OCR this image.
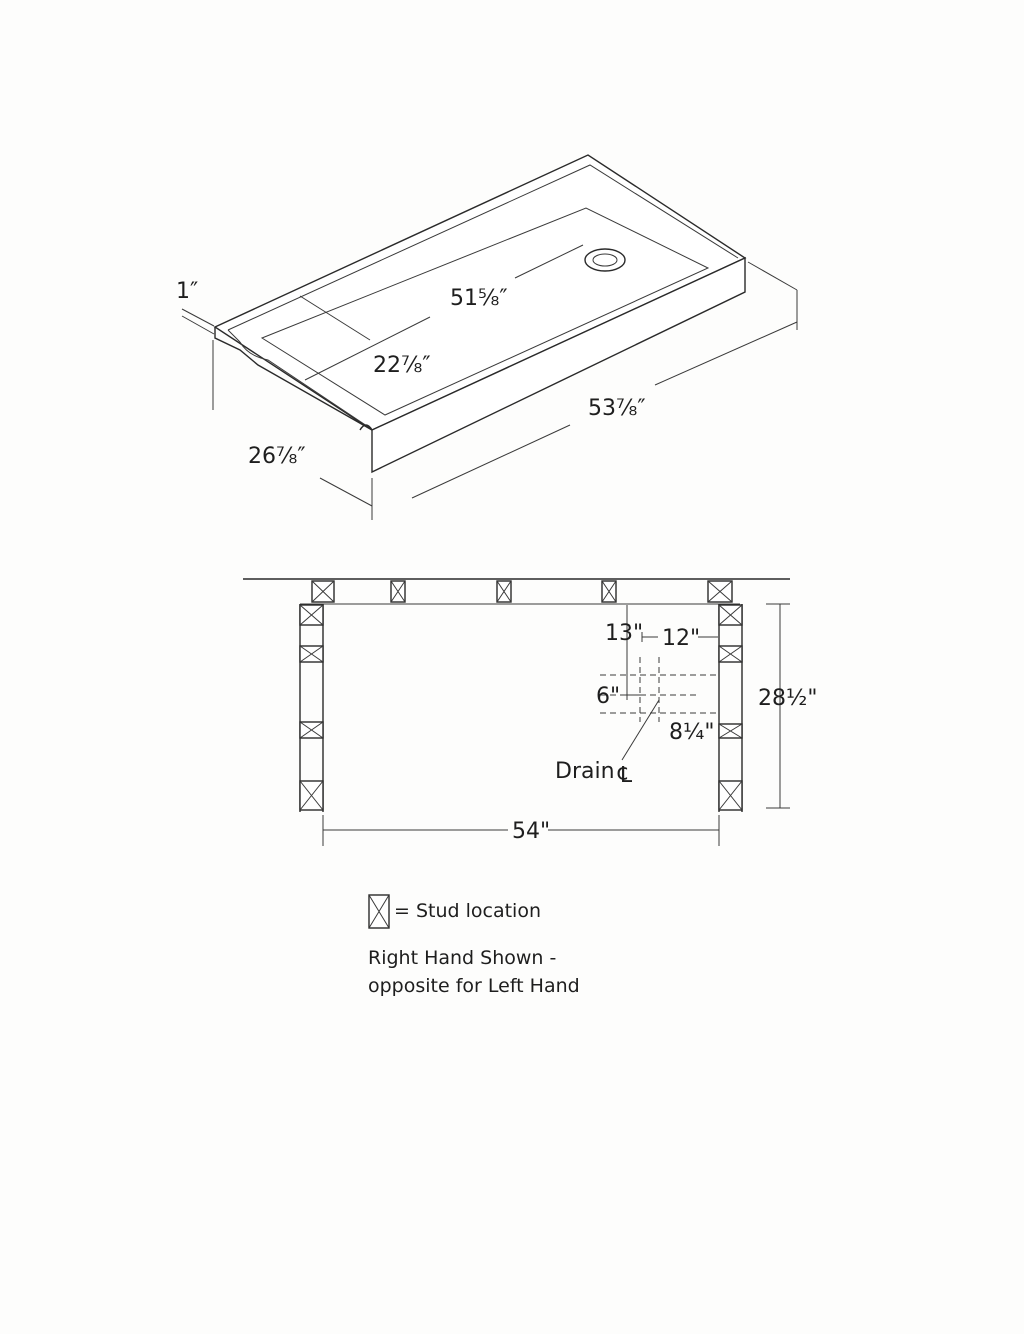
1″	51⅝″
22⅞″
53⅞″
26⅞″
13" 12"
6"
8¼"
Drain ℄
28½"
54"

= Stud location

Right Hand Shown -

opposite for Left Hand
